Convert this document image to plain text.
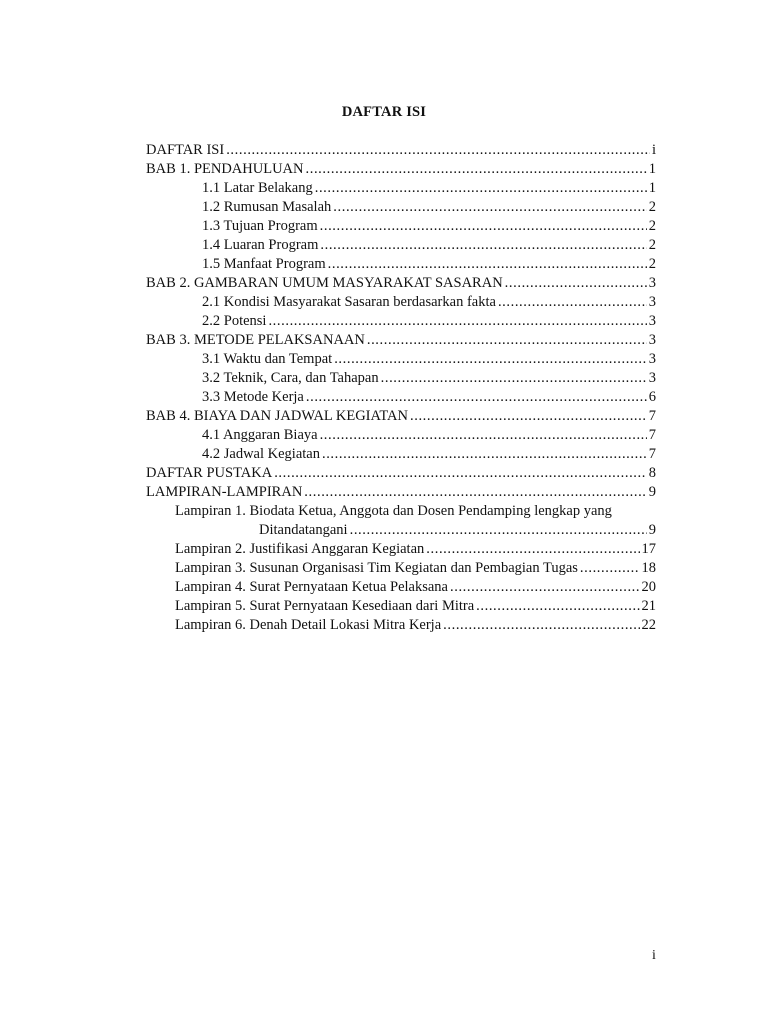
DAFTAR ISI
DAFTAR ISI .....	i
BAB 1. PENDAHULUAN .....	1
1.1 Latar Belakang .....	1
1.2 Rumusan Masalah .....	2
1.3 Tujuan Program .....	2
1.4 Luaran Program .....	2
1.5 Manfaat Program .....	2
BAB 2. GAMBARAN UMUM MASYARAKAT SASARAN .....	3
2.1 Kondisi Masyarakat Sasaran berdasarkan fakta .....	3
2.2 Potensi .....	3
BAB 3. METODE PELAKSANAAN .....	3
3.1 Waktu dan Tempat .....	3
3.2 Teknik, Cara, dan Tahapan .....	3
3.3 Metode Kerja .....	6
BAB 4. BIAYA DAN JADWAL KEGIATAN .....	7
4.1 Anggaran Biaya .....	7
4.2 Jadwal Kegiatan .....	7
DAFTAR PUSTAKA .....	8
LAMPIRAN-LAMPIRAN .....	9
Lampiran 1. Biodata Ketua, Anggota dan Dosen Pendamping lengkap yang
Ditandatangani .....	9
Lampiran 2. Justifikasi Anggaran Kegiatan .....	17
Lampiran 3. Susunan Organisasi Tim Kegiatan dan Pembagian Tugas .....	18
Lampiran 4. Surat Pernyataan Ketua Pelaksana .....	20
Lampiran 5. Surat Pernyataan Kesediaan dari Mitra .....	21
Lampiran 6. Denah Detail Lokasi Mitra Kerja .....	22
i
